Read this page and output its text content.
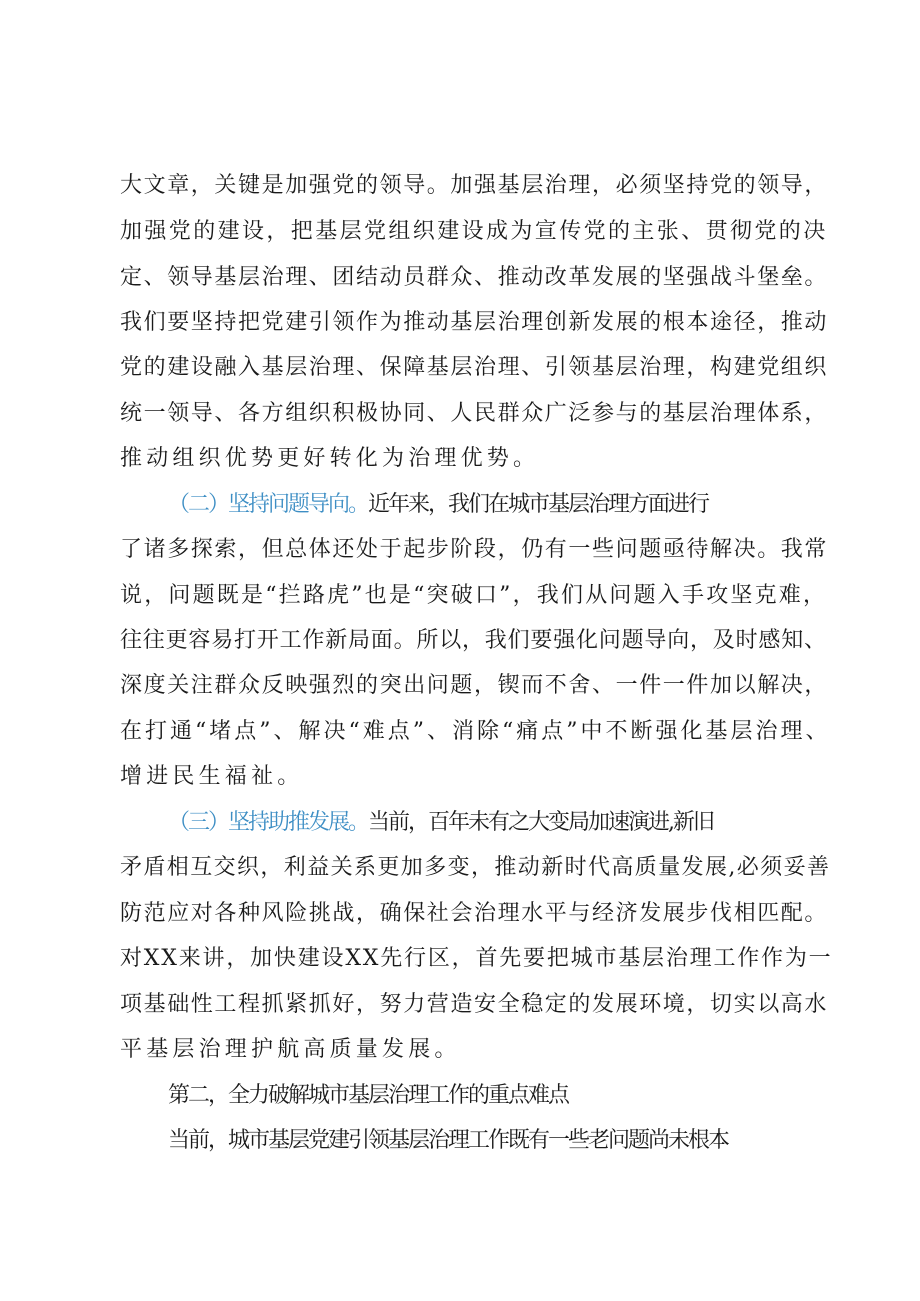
大文章，关键是加强党的领导。加强基层治理，必须坚持党的领导，
加强党的建设，把基层党组织建设成为宣传党的主张、贯彻党的决
定、领导基层治理、团结动员群众、推动改革发展的坚强战斗堡垒。
我们要坚持把党建引领作为推动基层治理创新发展的根本途径，推动
党的建设融入基层治理、保障基层治理、引领基层治理，构建党组织
统一领导、各方组织积极协同、人民群众广泛参与的基层治理体系，
推动组织优势更好转化为治理优势。
（二）坚持问题导向。近年来，我们在城市基层治理方面进行
了诸多探索，但总体还处于起步阶段，仍有一些问题亟待解决。我常
说，问题既是“拦路虎”也是“突破口”，我们从问题入手攻坚克难，
往往更容易打开工作新局面。所以，我们要强化问题导向，及时感知、
深度关注群众反映强烈的突出问题，锲而不舍、一件一件加以解决，
在打通“堵点”、解决“难点”、消除“痛点”中不断强化基层治理、
增进民生福祉。
（三）坚持助推发展。当前，百年未有之大变局加速演进,新旧
矛盾相互交织，利益关系更加多变，推动新时代高质量发展,必须妥善
防范应对各种风险挑战，确保社会治理水平与经济发展步伐相匹配。
对XX来讲，加快建设XX先行区，首先要把城市基层治理工作作为一
项基础性工程抓紧抓好，努力营造安全稳定的发展环境，切实以高水
平基层治理护航高质量发展。
第二，全力破解城市基层治理工作的重点难点
当前，城市基层党建引领基层治理工作既有一些老问题尚未根本
